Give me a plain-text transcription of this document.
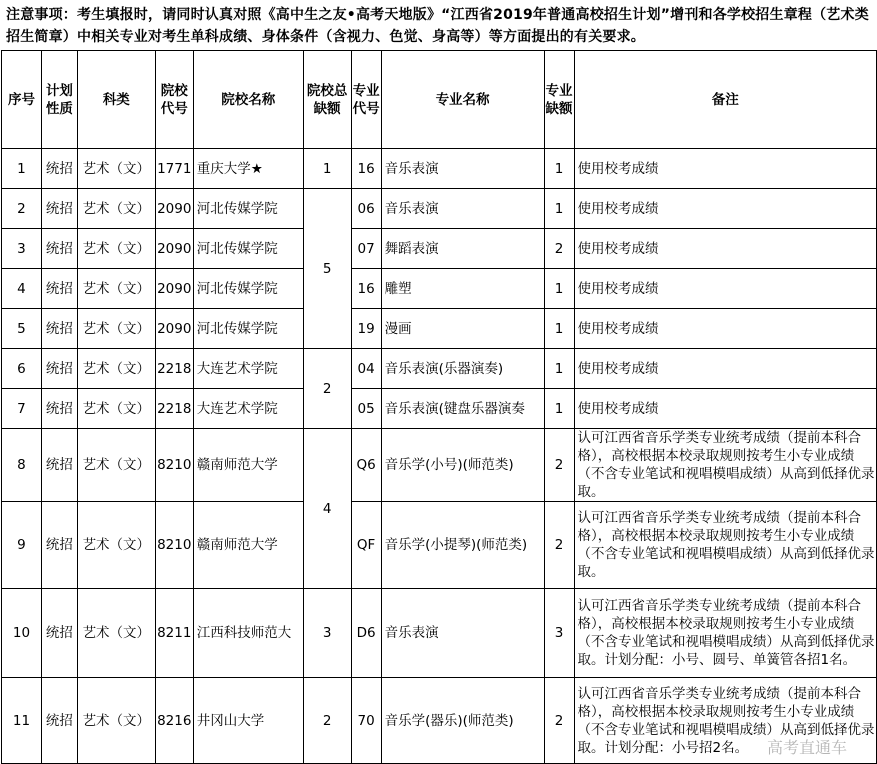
注意事项：考生填报时，请同时认真对照《高中生之友•高考天地版》“江西省2019年普通高校招生计划”增刊和各学校招生章程（艺术类招生简章）中相关专业对考生单科成绩、身体条件（含视力、色觉、身高等）等方面提出的有关要求。
序号	计划性质	科类	院校代号	院校名称	院校总缺额	专业代号	专业名称	专业缺额	备注
1	统招	艺术（文）	1771	重庆大学★	1	16	音乐表演	1	使用校考成绩
2	统招	艺术（文）	2090	河北传媒学院	5	06	音乐表演	1	使用校考成绩
3	统招	艺术（文）	2090	河北传媒学院		07	舞蹈表演	2	使用校考成绩
4	统招	艺术（文）	2090	河北传媒学院		16	雕塑	1	使用校考成绩
5	统招	艺术（文）	2090	河北传媒学院		19	漫画	1	使用校考成绩
6	统招	艺术（文）	2218	大连艺术学院	2	04	音乐表演(乐器演奏)	1	使用校考成绩
7	统招	艺术（文）	2218	大连艺术学院		05	音乐表演(键盘乐器演奏	1	使用校考成绩
8	统招	艺术（文）	8210	赣南师范大学	4	Q6	音乐学(小号)(师范类)	2	认可江西省音乐学类专业统考成绩（提前本科合格），高校根据本校录取规则按考生小专业成绩（不含专业笔试和视唱模唱成绩）从高到低择优录取。
9	统招	艺术（文）	8210	赣南师范大学		QF	音乐学(小提琴)(师范类)	2	认可江西省音乐学类专业统考成绩（提前本科合格），高校根据本校录取规则按考生小专业成绩（不含专业笔试和视唱模唱成绩）从高到低择优录取。
10	统招	艺术（文）	8211	江西科技师范大	3	D6	音乐表演	3	认可江西省音乐学类专业统考成绩（提前本科合格），高校根据本校录取规则按考生小专业成绩（不含专业笔试和视唱模唱成绩）从高到低择优录取。计划分配：小号、圆号、单簧管各招1名。
11	统招	艺术（文）	8216	井冈山大学	2	70	音乐学(器乐)(师范类)	2	认可江西省音乐学类专业统考成绩（提前本科合格），高校根据本校录取规则按考生小专业成绩（不含专业笔试和视唱模唱成绩）从高到低择优录取。计划分配：小号招2名。 高考直通车
